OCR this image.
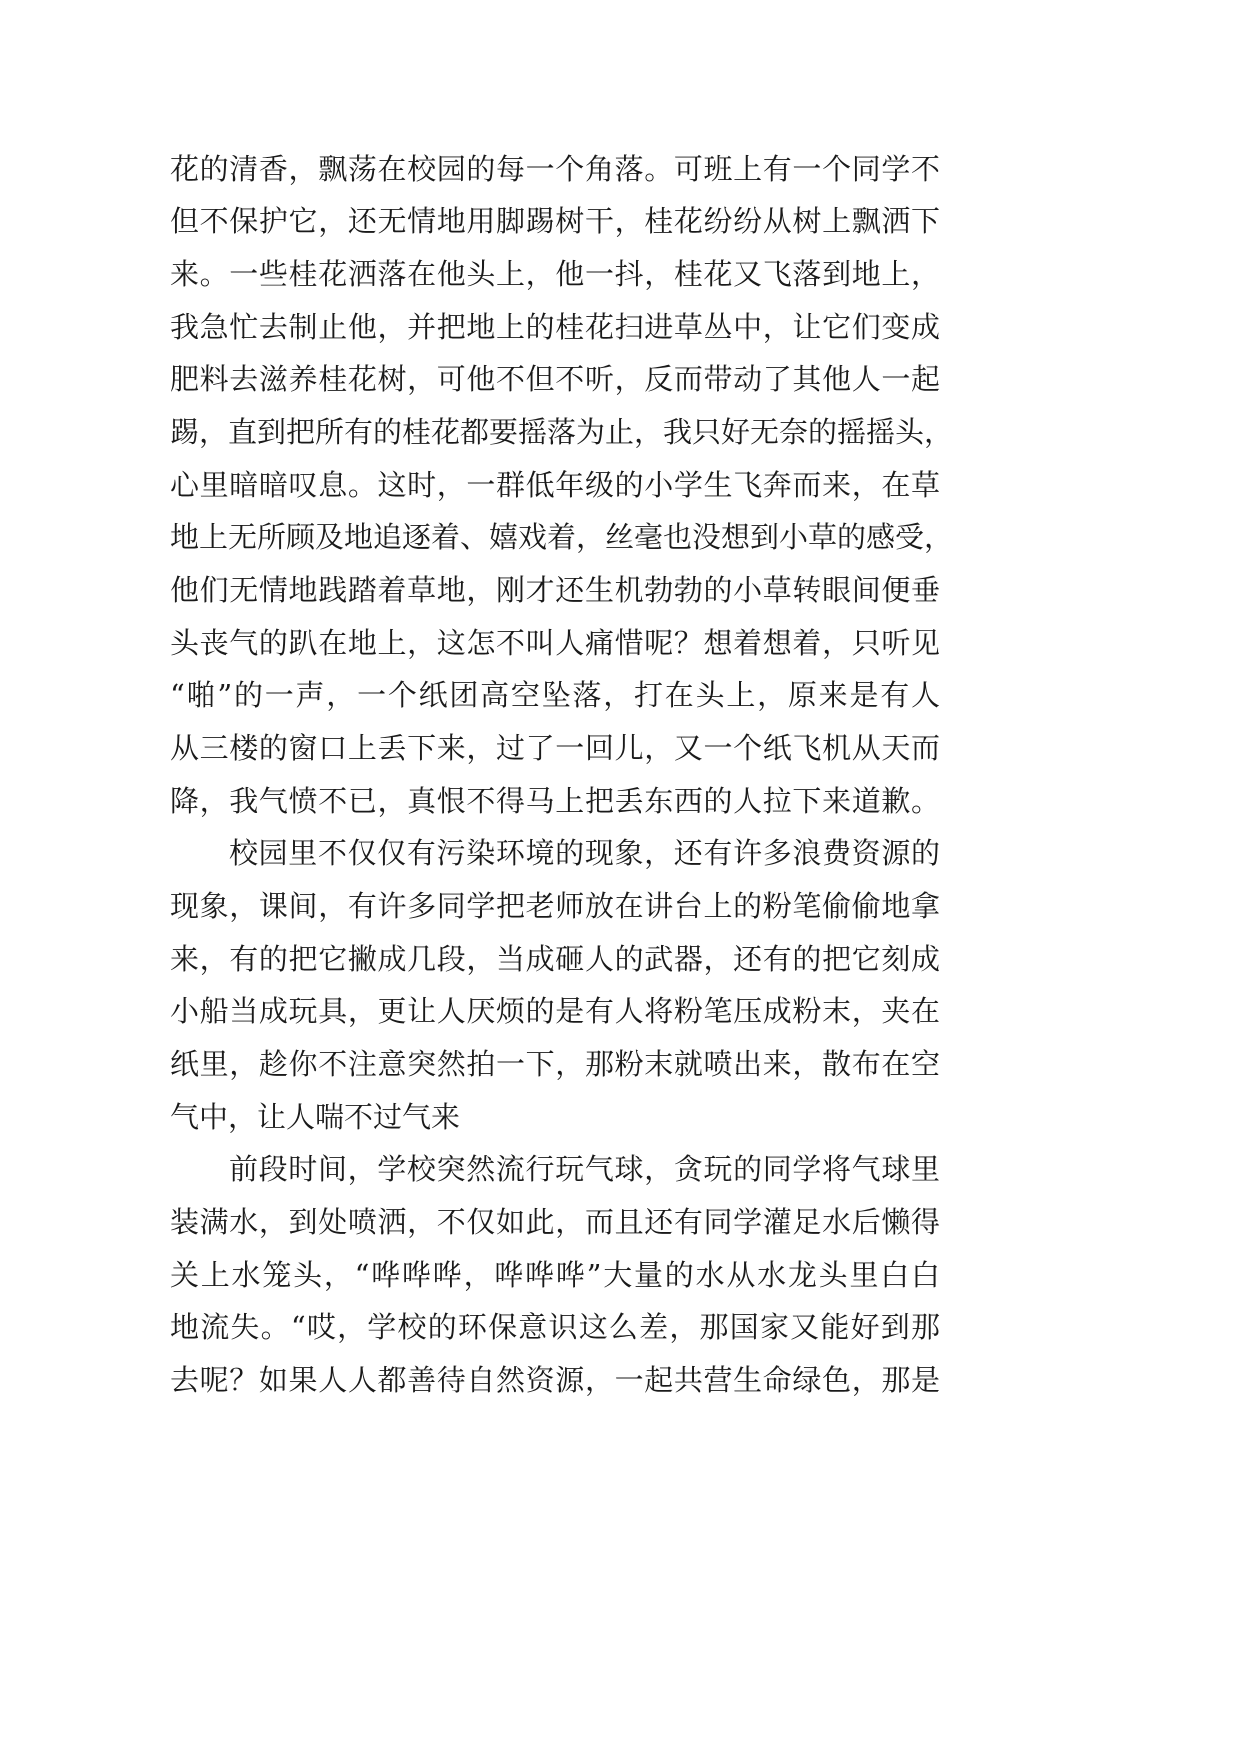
花的清香，飘荡在校园的每一个角落。可班上有一个同学不
但不保护它，还无情地用脚踢树干，桂花纷纷从树上飘洒下
来。一些桂花洒落在他头上，他一抖，桂花又飞落到地上，
我急忙去制止他，并把地上的桂花扫进草丛中，让它们变成
肥料去滋养桂花树，可他不但不听，反而带动了其他人一起
踢，直到把所有的桂花都要摇落为止，我只好无奈的摇摇头，
心里暗暗叹息。这时，一群低年级的小学生飞奔而来，在草
地上无所顾及地追逐着、嬉戏着，丝毫也没想到小草的感受，
他们无情地践踏着草地，刚才还生机勃勃的小草转眼间便垂
头丧气的趴在地上，这怎不叫人痛惜呢？想着想着，只听见
“啪”的一声，一个纸团高空坠落，打在头上，原来是有人
从三楼的窗口上丢下来，过了一回儿，又一个纸飞机从天而
降，我气愤不已，真恨不得马上把丢东西的人拉下来道歉。
校园里不仅仅有污染环境的现象，还有许多浪费资源的
现象，课间，有许多同学把老师放在讲台上的粉笔偷偷地拿
来，有的把它撇成几段，当成砸人的武器，还有的把它刻成
小船当成玩具，更让人厌烦的是有人将粉笔压成粉末，夹在
纸里，趁你不注意突然拍一下，那粉末就喷出来，散布在空
气中，让人喘不过气来
前段时间，学校突然流行玩气球，贪玩的同学将气球里
装满水，到处喷洒，不仅如此，而且还有同学灌足水后懒得
关上水笼头，“哗哗哗，哗哗哗”大量的水从水龙头里白白
地流失。“哎，学校的环保意识这么差，那国家又能好到那
去呢？如果人人都善待自然资源，一起共营生命绿色，那是
